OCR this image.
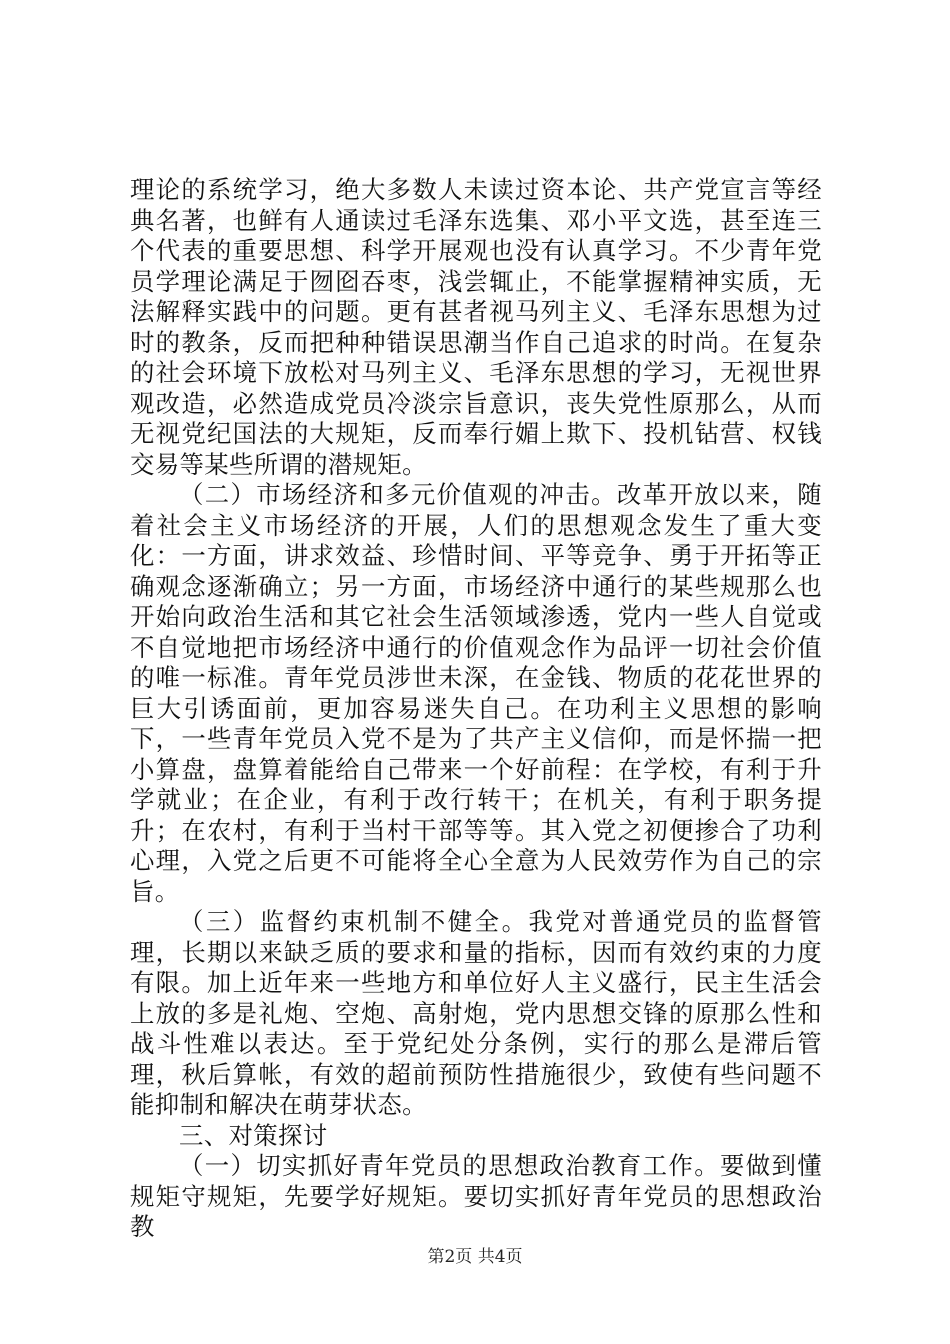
理论的系统学习，绝大多数人未读过资本论、共产党宣言等经典名著，也鲜有人通读过毛泽东选集、邓小平文选，甚至连三个代表的重要思想、科学开展观也没有认真学习。不少青年党员学理论满足于囫囵吞枣，浅尝辄止，不能掌握精神实质，无法解释实践中的问题。更有甚者视马列主义、毛泽东思想为过时的教条，反而把种种错误思潮当作自己追求的时尚。在复杂的社会环境下放松对马列主义、毛泽东思想的学习，无视世界观改造，必然造成党员冷淡宗旨意识，丧失党性原那么，从而无视党纪国法的大规矩，反而奉行媚上欺下、投机钻营、权钱交易等某些所谓的潜规矩。

（二）市场经济和多元价值观的冲击。改革开放以来，随着社会主义市场经济的开展，人们的思想观念发生了重大变化：一方面，讲求效益、珍惜时间、平等竞争、勇于开拓等正确观念逐渐确立；另一方面，市场经济中通行的某些规那么也开始向政治生活和其它社会生活领域渗透，党内一些人自觉或不自觉地把市场经济中通行的价值观念作为品评一切社会价值的唯一标准。青年党员涉世未深，在金钱、物质的花花世界的巨大引诱面前，更加容易迷失自己。在功利主义思想的影响下，一些青年党员入党不是为了共产主义信仰，而是怀揣一把小算盘，盘算着能给自己带来一个好前程：在学校，有利于升学就业；在企业，有利于改行转干；在机关，有利于职务提升；在农村，有利于当村干部等等。其入党之初便掺合了功利心理，入党之后更不可能将全心全意为人民效劳作为自己的宗旨。

（三）监督约束机制不健全。我党对普通党员的监督管理，长期以来缺乏质的要求和量的指标，因而有效约束的力度有限。加上近年来一些地方和单位好人主义盛行，民主生活会上放的多是礼炮、空炮、高射炮，党内思想交锋的原那么性和战斗性难以表达。至于党纪处分条例，实行的那么是滞后管理，秋后算帐，有效的超前预防性措施很少，致使有些问题不能抑制和解决在萌芽状态。

三、对策探讨

（一）切实抓好青年党员的思想政治教育工作。要做到懂规矩守规矩，先要学好规矩。要切实抓好青年党员的思想政治教

第2页 共4页
